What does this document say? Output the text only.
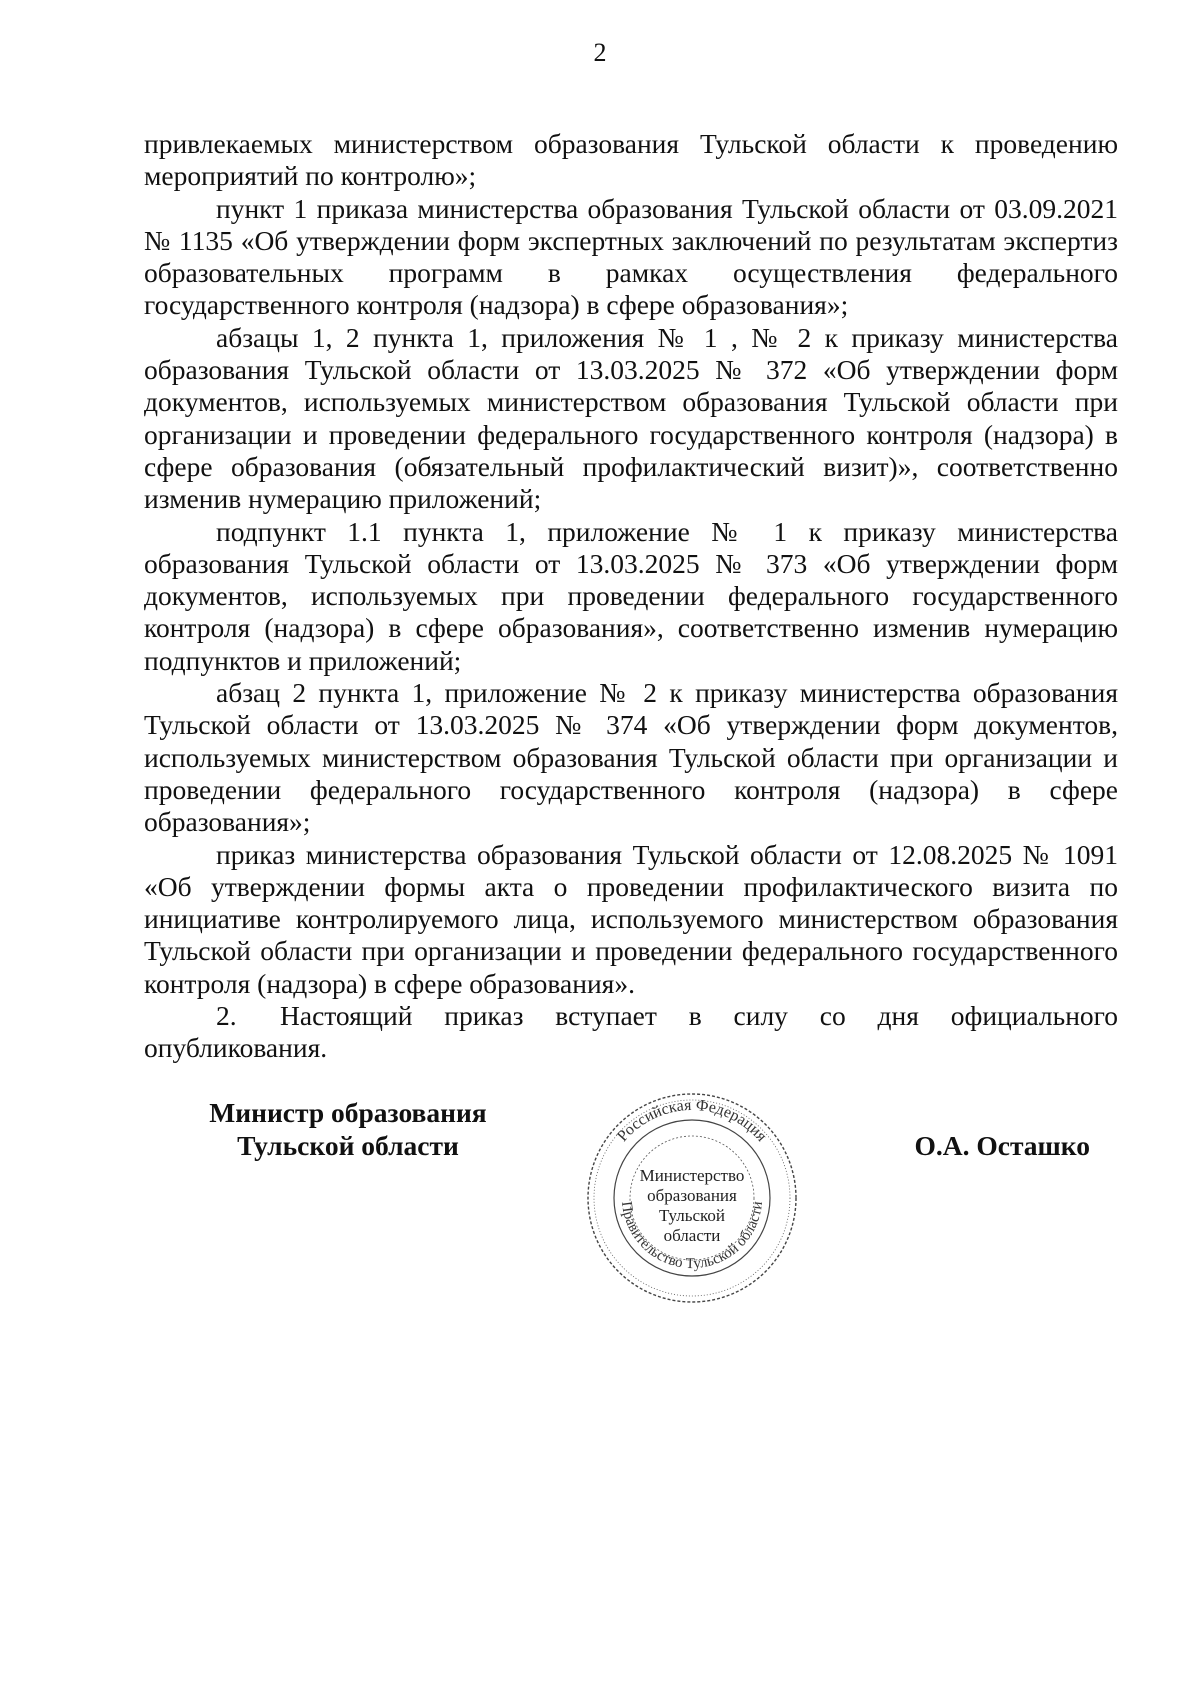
2

привлекаемых министерством образования Тульской области к проведению мероприятий по контролю»;

пункт 1 приказа министерства образования Тульской области от 03.09.2021 № 1135 «Об утверждении форм экспертных заключений по результатам экспертиз образовательных программ в рамках осуществления федерального государственного контроля (надзора) в сфере образования»;

абзацы 1, 2 пункта 1, приложения № 1 , № 2 к приказу министерства образования Тульской области от 13.03.2025 № 372 «Об утверждении форм документов, используемых министерством образования Тульской области при организации и проведении федерального государственного контроля (надзора) в сфере образования (обязательный профилактический визит)», соответственно изменив нумерацию приложений;

подпункт 1.1 пункта 1, приложение № 1 к приказу министерства образования Тульской области от 13.03.2025 № 373 «Об утверждении форм документов, используемых при проведении федерального государственного контроля (надзора) в сфере образования», соответственно изменив нумерацию подпунктов и приложений;

абзац 2 пункта 1, приложение № 2 к приказу министерства образования Тульской области от 13.03.2025 № 374 «Об утверждении форм документов, используемых министерством образования Тульской области при организации и проведении федерального государственного контроля (надзора) в сфере образования»;

приказ министерства образования Тульской области от 12.08.2025 № 1091 «Об утверждении формы акта о проведении профилактического визита по инициативе контролируемого лица, используемого министерством образования Тульской области при организации и проведении федерального государственного контроля (надзора) в сфере образования».

2. Настоящий приказ вступает в силу со дня официального опубликования.

Министр образования
Тульской области	Российская Федерация
Правительство Тульской области
Министерство
образования
Тульской
области
О.А. Осташко
